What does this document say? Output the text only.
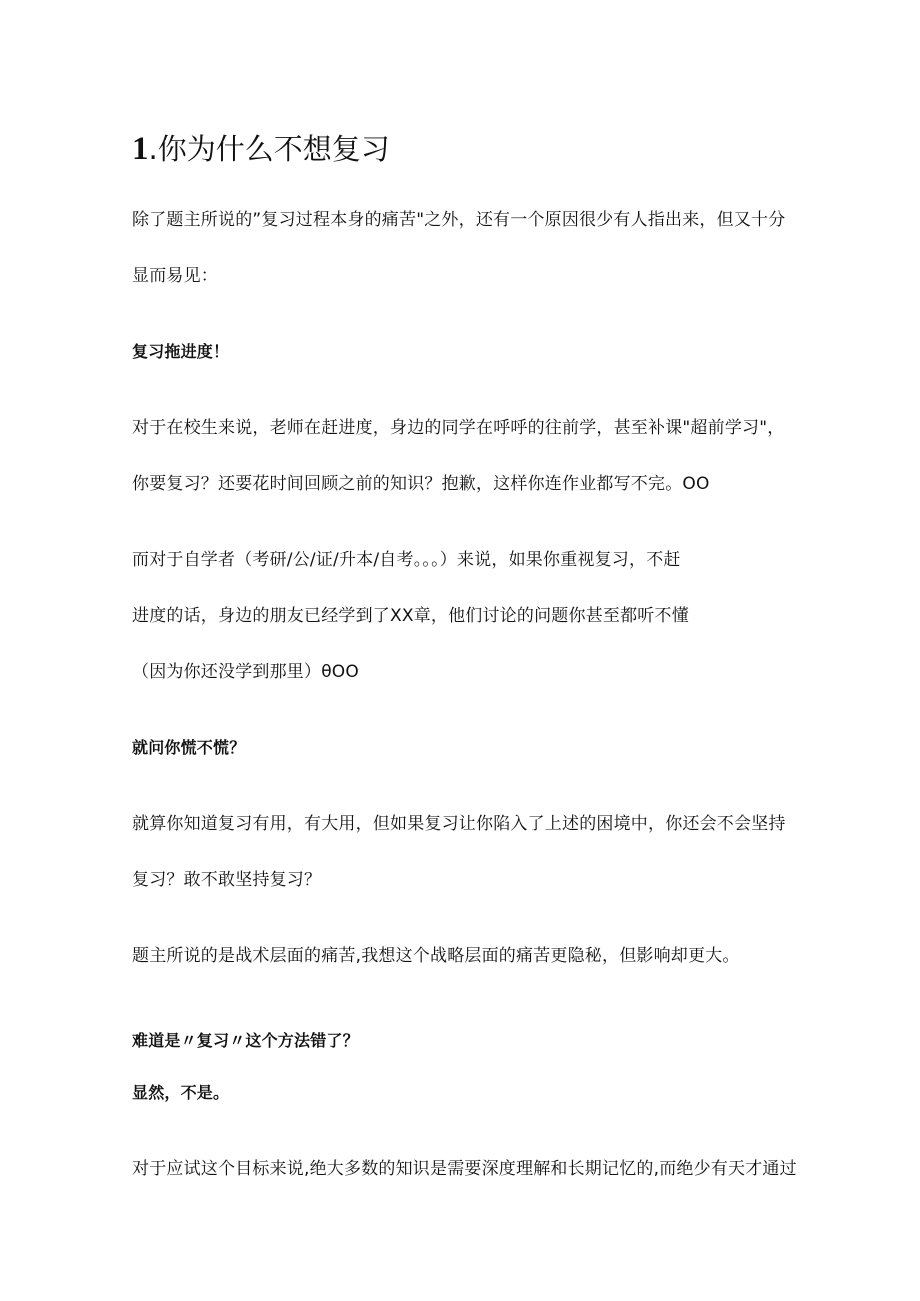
1.你为什么不想复习
除了题主所说的”复习过程本身的痛苦"之外，还有一个原因很少有人指出来，但又十分
显而易见：
复习拖进度！
对于在校生来说，老师在赶进度，身边的同学在呼呼的往前学，甚至补课"超前学习"，
你要复习？还要花时间回顾之前的知识？抱歉，这样你连作业都写不完。OO
而对于自学者（考研/公/证/升本/自考。。。）来说，如果你重视复习，不赶
进度的话，身边的朋友已经学到了XX章，他们讨论的问题你甚至都听不懂
（因为你还没学到那里）θOO
就问你慌不慌？
就算你知道复习有用，有大用，但如果复习让你陷入了上述的困境中，你还会不会坚持
复习？敢不敢坚持复习？
题主所说的是战术层面的痛苦,我想这个战略层面的痛苦更隐秘，但影响却更大。
难道是〃复习〃这个方法错了？
显然，不是。
对于应试这个目标来说,绝大多数的知识是需要深度理解和长期记忆的,而绝少有天才通过
